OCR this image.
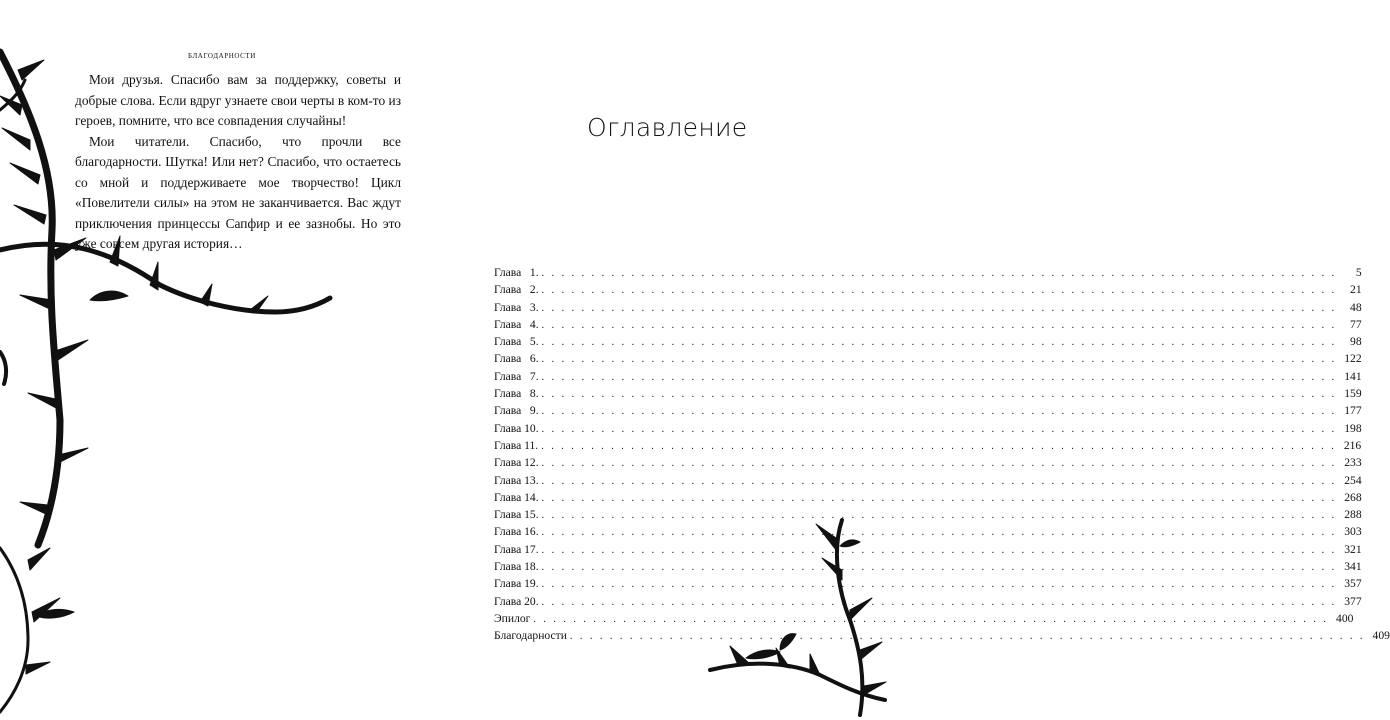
благодарности

Мои друзья. Спасибо вам за поддержку, советы и добрые слова. Если вдруг узнаете свои черты в ком-то из героев, помните, что все совпадения случайны!

Мои читатели. Спасибо, что прочли все благодарности. Шутка! Или нет? Спасибо, что остаетесь со мной и поддерживаете мое творчество! Цикл «Повелители силы» на этом не заканчивается. Вас ждут приключения принцессы Сапфир и ее зазнобы. Но это уже совсем другая история…

Оглавление
Глава   1. . . . . . . . . . . . . . . . . . . . . . . . . . . . . . . . . . . . . . . . . . . . . . . . . . . . . . . . . . . . . . . . . . . . . . . . . . . . . . . . .	5
Глава   2. . . . . . . . . . . . . . . . . . . . . . . . . . . . . . . . . . . . . . . . . . . . . . . . . . . . . . . . . . . . . . . . . . . . . . . . . . . . . . . . .	21
Глава   3. . . . . . . . . . . . . . . . . . . . . . . . . . . . . . . . . . . . . . . . . . . . . . . . . . . . . . . . . . . . . . . . . . . . . . . . . . . . . . . . .	48
Глава   4. . . . . . . . . . . . . . . . . . . . . . . . . . . . . . . . . . . . . . . . . . . . . . . . . . . . . . . . . . . . . . . . . . . . . . . . . . . . . . . . .	77
Глава   5. . . . . . . . . . . . . . . . . . . . . . . . . . . . . . . . . . . . . . . . . . . . . . . . . . . . . . . . . . . . . . . . . . . . . . . . . . . . . . . . .	98
Глава   6. . . . . . . . . . . . . . . . . . . . . . . . . . . . . . . . . . . . . . . . . . . . . . . . . . . . . . . . . . . . . . . . . . . . . . . . . . . . . . . . . 122
Глава   7. . . . . . . . . . . . . . . . . . . . . . . . . . . . . . . . . . . . . . . . . . . . . . . . . . . . . . . . . . . . . . . . . . . . . . . . . . . . . . . . . 141
Глава   8. . . . . . . . . . . . . . . . . . . . . . . . . . . . . . . . . . . . . . . . . . . . . . . . . . . . . . . . . . . . . . . . . . . . . . . . . . . . . . . . . 159
Глава   9. . . . . . . . . . . . . . . . . . . . . . . . . . . . . . . . . . . . . . . . . . . . . . . . . . . . . . . . . . . . . . . . . . . . . . . . . . . . . . . . . 177
Глава 10. . . . . . . . . . . . . . . . . . . . . . . . . . . . . . . . . . . . . . . . . . . . . . . . . . . . . . . . . . . . . . . . . . . . . . . . . . . . . . . . . 198
Глава 11. . . . . . . . . . . . . . . . . . . . . . . . . . . . . . . . . . . . . . . . . . . . . . . . . . . . . . . . . . . . . . . . . . . . . . . . . . . . . . . . . 216
Глава 12. . . . . . . . . . . . . . . . . . . . . . . . . . . . . . . . . . . . . . . . . . . . . . . . . . . . . . . . . . . . . . . . . . . . . . . . . . . . . . . . . 233
Глава 13. . . . . . . . . . . . . . . . . . . . . . . . . . . . . . . . . . . . . . . . . . . . . . . . . . . . . . . . . . . . . . . . . . . . . . . . . . . . . . . . . 254
Глава 14. . . . . . . . . . . . . . . . . . . . . . . . . . . . . . . . . . . . . . . . . . . . . . . . . . . . . . . . . . . . . . . . . . . . . . . . . . . . . . . . . 268
Глава 15. . . . . . . . . . . . . . . . . . . . . . . . . . . . . . . . . . . . . . . . . . . . . . . . . . . . . . . . . . . . . . . . . . . . . . . . . . . . . . . . . 288
Глава 16. . . . . . . . . . . . . . . . . . . . . . . . . . . . . . . . . . . . . . . . . . . . . . . . . . . . . . . . . . . . . . . . . . . . . . . . . . . . . . . . . 303
Глава 17. . . . . . . . . . . . . . . . . . . . . . . . . . . . . . . . . . . . . . . . . . . . . . . . . . . . . . . . . . . . . . . . . . . . . . . . . . . . . . . . . 321
Глава 18. . . . . . . . . . . . . . . . . . . . . . . . . . . . . . . . . . . . . . . . . . . . . . . . . . . . . . . . . . . . . . . . . . . . . . . . . . . . . . . . . 341
Глава 19. . . . . . . . . . . . . . . . . . . . . . . . . . . . . . . . . . . . . . . . . . . . . . . . . . . . . . . . . . . . . . . . . . . . . . . . . . . . . . . . . 357
Глава 20. . . . . . . . . . . . . . . . . . . . . . . . . . . . . . . . . . . . . . . . . . . . . . . . . . . . . . . . . . . . . . . . . . . . . . . . . . . . . . . . . 377
Эпилог . . . . . . . . . . . . . . . . . . . . . . . . . . . . . . . . . . . . . . . . . . . . . . . . . . . . . . . . . . . . . . . . . . . . . . . . . . . . . . . . 400
Благодарности . . . . . . . . . . . . . . . . . . . . . . . . . . . . . . . . . . . . . . . . . . . . . . . . . . . . . . . . . . . . . . . . . . . . . . . . . . . . . . . . 409
